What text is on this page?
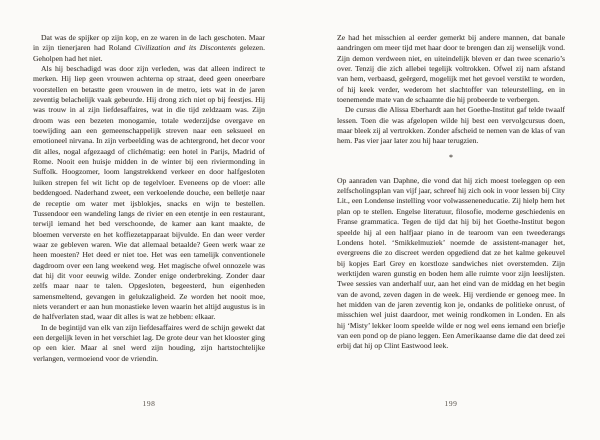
Dat was de spijker op zijn kop, en ze waren in de lach geschoten. Maar in zijn tienerjaren had Roland Civilization and its Discontents gelezen. Geholpen had het niet.

Als hij beschadigd was door zijn verleden, was dat alleen indirect te merken. Hij liep geen vrouwen achterna op straat, deed geen oneerbare voorstellen en betastte geen vrouwen in de metro, iets wat in de jaren zeventig belachelijk vaak gebeurde. Hij drong zich niet op bij feestjes. Hij was trouw in al zijn liefdesaffaires, wat in die tijd zeldzaam was. Zijn droom was een bezeten monogamie, totale wederzijdse overgave en toewijding aan een gemeenschappelijk streven naar een seksueel en emotioneel nirvana. In zijn verbeelding was de achtergrond, het decor voor dit alles, nogal afgezaagd of clichématig: een hotel in Parijs, Madrid of Rome. Nooit een huisje midden in de winter bij een riviermonding in Suffolk. Hoogzomer, loom langstrekkend verkeer en door halfgesloten luiken strepen fel wit licht op de tegelvloer. Eveneens op de vloer: alle beddengoed. Naderhand zweet, een verkoelende douche, een belletje naar de receptie om water met ijsblokjes, snacks en wijn te bestellen. Tussendoor een wandeling langs de rivier en een etentje in een restaurant, terwijl iemand het bed verschoonde, de kamer aan kant maakte, de bloemen ververste en het koffiezetapparaat bijvulde. En dan weer verder waar ze gebleven waren. Wie dat allemaal betaalde? Geen werk waar ze heen moesten? Het deed er niet toe. Het was een tamelijk conventionele dagdroom over een lang weekend weg. Het magische ofwel onnozele was dat hij dit voor eeuwig wilde. Zonder enige onderbreking. Zonder daar zelfs maar naar te talen. Opgesloten, begeesterd, hun eigenheden samensmeltend, gevangen in gelukzaligheid. Ze worden het nooit moe, niets verandert er aan hun monastieke leven waarin het altijd augustus is in de halfverlaten stad, waar dit alles is wat ze hebben: elkaar.

In de begintijd van elk van zijn liefdesaffaires werd de schijn gewekt dat een dergelijk leven in het verschiet lag. De grote deur van het klooster ging op een kier. Maar al snel werd zijn houding, zijn hartstochtelijke verlangen, vermoeiend voor de vriendin.

Ze had het misschien al eerder gemerkt bij andere mannen, dat banale aandringen om meer tijd met haar door te brengen dan zij wenselijk vond. Zijn demon verdween niet, en uiteindelijk bleven er dan twee scenario’s over. Tenzij die zich allebei tegelijk voltrokken. Ofwel zij nam afstand van hem, verbaasd, geërgerd, mogelijk met het gevoel verstikt te worden, of hij keek verder, wederom het slachtoffer van teleurstelling, en in toenemende mate van de schaamte die hij probeerde te verbergen.

De cursus die Alissa Eberhardt aan het Goethe-Institut gaf telde twaalf lessen. Toen die was afgelopen wilde hij best een vervolgcursus doen, maar bleek zij al vertrokken. Zonder afscheid te nemen van de klas of van hem. Pas vier jaar later zou hij haar terugzien.

*

Op aanraden van Daphne, die vond dat hij zich moest toeleggen op een zelfscholingsplan van vijf jaar, schreef hij zich ook in voor lessen bij City Lit., een Londense instelling voor volwasseneneducatie. Zij hielp hem het plan op te stellen. Engelse literatuur, filosofie, moderne geschiedenis en Franse grammatica. Tegen de tijd dat hij bij het Goethe-Institut begon speelde hij al een halfjaar piano in de tearoom van een tweederangs Londens hotel. ‘Smikkelmuziek’ noemde de assistent-manager het, evergreens die zo discreet werden opgediend dat ze het kalme gekeuvel bij kopjes Earl Grey en korstloze sandwiches niet overstemden. Zijn werktijden waren gunstig en boden hem alle ruimte voor zijn leeslijsten. Twee sessies van anderhalf uur, aan het eind van de middag en het begin van de avond, zeven dagen in de week. Hij verdiende er genoeg mee. In het midden van de jaren zeventig kon je, ondanks de politieke onrust, of misschien wel juist daardoor, met weinig rondkomen in Londen. En als hij ‘Misty’ lekker loom speelde wilde er nog wel eens iemand een briefje van een pond op de piano leggen. Een Amerikaanse dame die dat deed zei erbij dat hij op Clint Eastwood leek.

198	199
